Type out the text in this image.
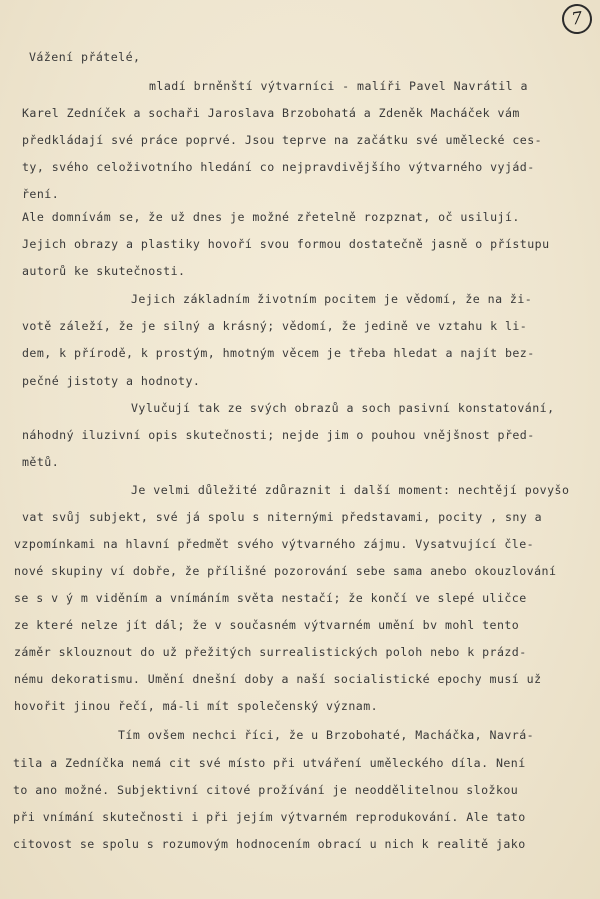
7
Vážení přátelé,
mladí brněnští výtvarníci - malíři Pavel Navrátil a
Karel Zedníček a sochaři Jaroslava Brzobohatá a Zdeněk Macháček vám
předkládají své práce poprvé. Jsou teprve na začátku své umělecké ces-
ty, svého celoživotního hledání co nejpravdivějšího výtvarného vyjád-
ření.
Ale domnívám se, že už dnes je možné zřetelně rozpznat, oč usilují.
Jejich obrazy a plastiky hovoří svou formou dostatečně jasně o přístupu
autorů ke skutečnosti.
Jejich základním životním pocitem je vědomí, že na ži-
votě záleží, že je silný a krásný; vědomí, že jedině ve vztahu k li-
dem, k přírodě, k prostým, hmotným věcem je třeba hledat a najít bez-
pečné jistoty a hodnoty.
Vylučují tak ze svých obrazů a soch pasivní konstatování,
náhodný iluzivní opis skutečnosti; nejde jim o pouhou vnějšnost před-
mětů.
Je velmi důležité zdůraznit i další moment: nechtějí povyšo
vat svůj subjekt, své já spolu s niternými představami, pocity , sny a
vzpomínkami na hlavní předmět svého výtvarného zájmu. Vysatvující čle-
nové skupiny ví dobře, že přílišné pozorování sebe sama anebo okouzlování
se s v ý m viděním a vnímáním světa nestačí; že končí ve slepé uličce
ze které nelze jít dál; že v současném výtvarném umění bv mohl tento
záměr sklouznout do už přežitých surrealistických poloh nebo k prázd-
nému dekoratismu. Umění dnešní doby a naší socialistické epochy musí už
hovořit jinou řečí, má-li mít společenský význam.
Tím ovšem nechci říci, že u Brzobohaté, Macháčka, Navrá-
tila a Zedníčka nemá cit své místo při utváření uměleckého díla. Není
to ano možné. Subjektivní citové prožívání je neoddělitelnou složkou
při vnímání skutečnosti i při jejím výtvarném reprodukování. Ale tato
citovost se spolu s rozumovým hodnocením obrací u nich k realitě jako
